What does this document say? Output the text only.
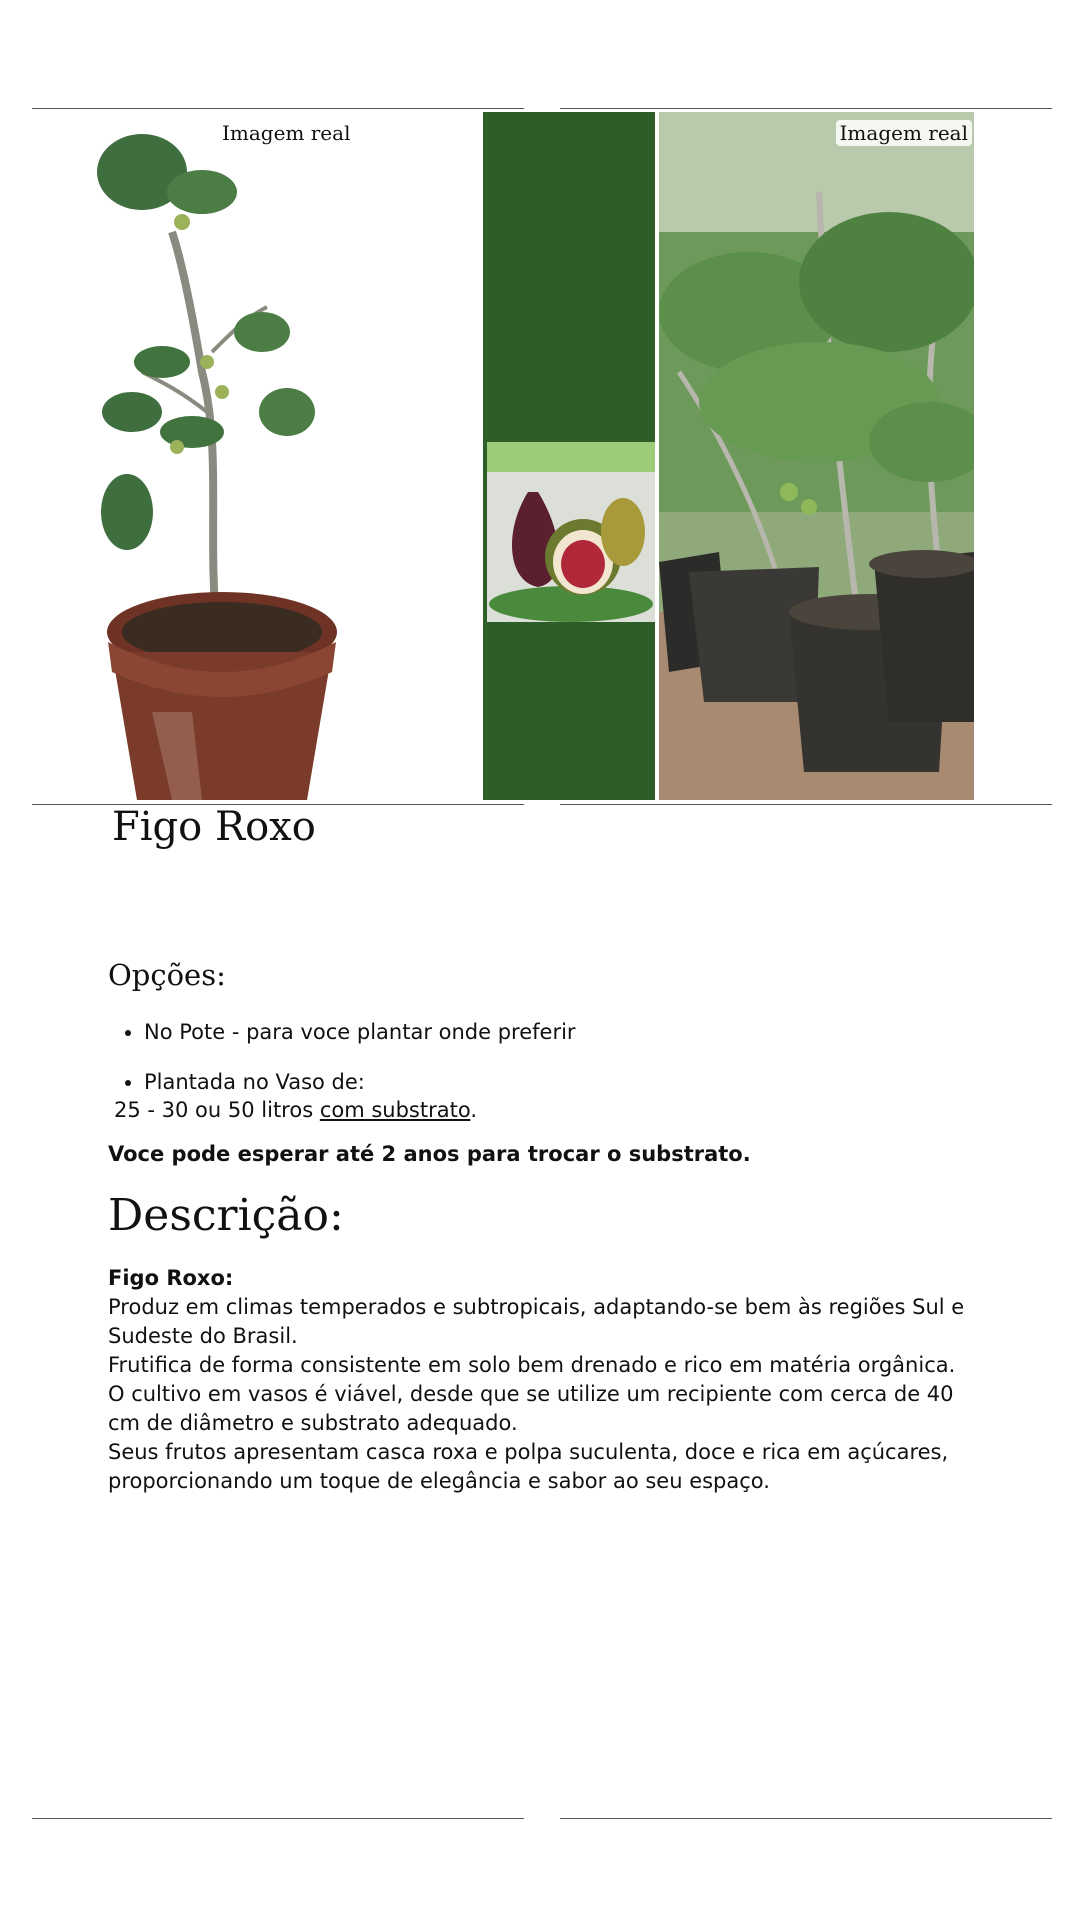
Imagem real	Imagem real
Figo Roxo
Opções:
• No Pote - para voce plantar onde preferir
• Plantada no Vaso de:
25 - 30 ou 50 litros com substrato.
Voce pode esperar até 2 anos para trocar o substrato.
Descrição:

Figo Roxo:

Produz em climas temperados e subtropicais, adaptando-se bem às regiões Sul e Sudeste do Brasil.

Frutifica de forma consistente em solo bem drenado e rico em matéria orgânica. O cultivo em vasos é viável, desde que se utilize um recipiente com cerca de 40 cm de diâmetro e substrato adequado.

Seus frutos apresentam casca roxa e polpa suculenta, doce e rica em açúcares, proporcionando um toque de elegância e sabor ao seu espaço.
